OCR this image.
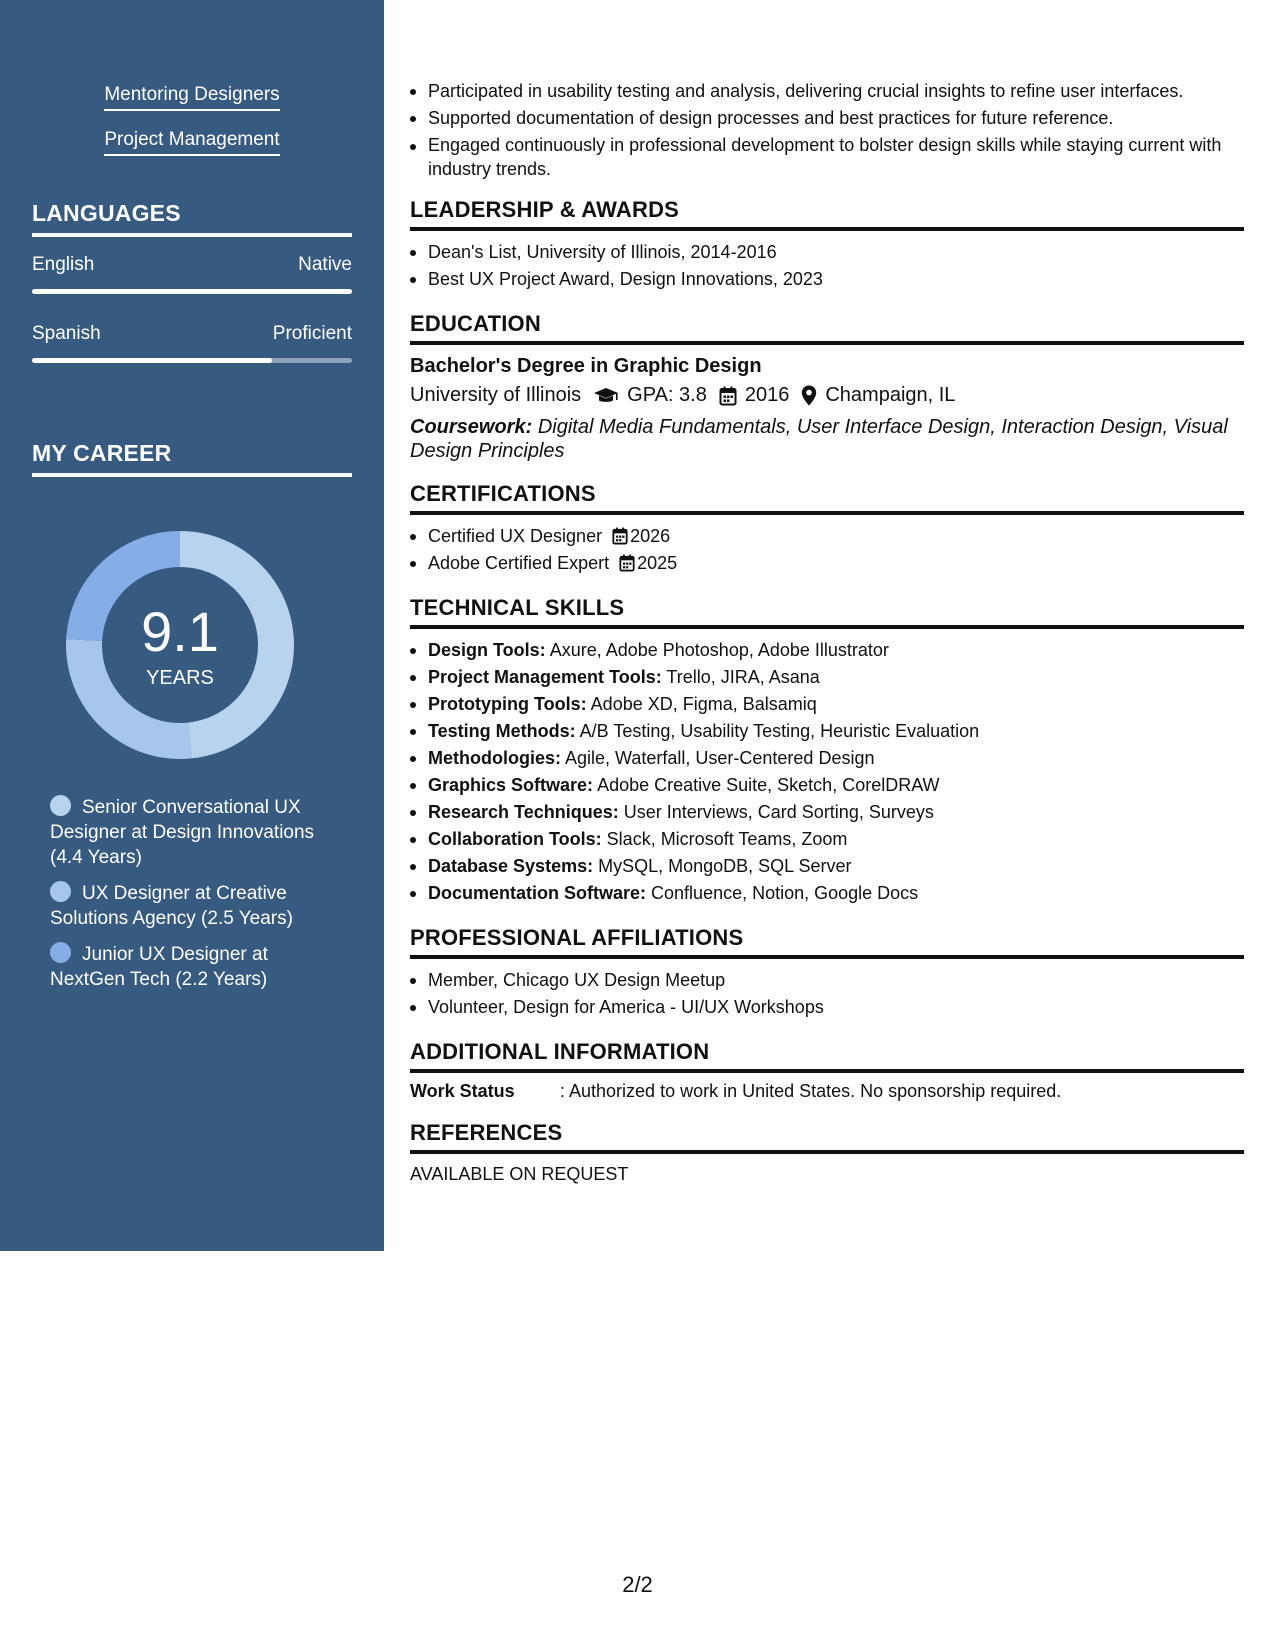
Mentoring Designers
Project Management
LANGUAGES
English	Native
Spanish	Proficient
MY CAREER
9.1
YEARS
Senior Conversational UX Designer at Design Innovations (4.4 Years)
UX Designer at Creative Solutions Agency (2.5 Years)
Junior UX Designer at NextGen Tech (2.2 Years)
Participated in usability testing and analysis, delivering crucial insights to refine user interfaces.
Supported documentation of design processes and best practices for future reference.
Engaged continuously in professional development to bolster design skills while staying current with industry trends.
LEADERSHIP & AWARDS
Dean's List, University of Illinois, 2014-2016
Best UX Project Award, Design Innovations, 2023
EDUCATION
Bachelor's Degree in Graphic Design
University of Illinois GPA: 3.8 2016 Champaign, IL
Coursework: Digital Media Fundamentals, User Interface Design, Interaction Design, Visual Design Principles
CERTIFICATIONS
Certified UX Designer 2026
Adobe Certified Expert 2025
TECHNICAL SKILLS
Design Tools: Axure, Adobe Photoshop, Adobe Illustrator
Project Management Tools: Trello, JIRA, Asana
Prototyping Tools: Adobe XD, Figma, Balsamiq
Testing Methods: A/B Testing, Usability Testing, Heuristic Evaluation
Methodologies: Agile, Waterfall, User-Centered Design
Graphics Software: Adobe Creative Suite, Sketch, CorelDRAW
Research Techniques: User Interviews, Card Sorting, Surveys
Collaboration Tools: Slack, Microsoft Teams, Zoom
Database Systems: MySQL, MongoDB, SQL Server
Documentation Software: Confluence, Notion, Google Docs
PROFESSIONAL AFFILIATIONS
Member, Chicago UX Design Meetup
Volunteer, Design for America - UI/UX Workshops
ADDITIONAL INFORMATION
Work Status	: Authorized to work in United States. No sponsorship required.
REFERENCES
AVAILABLE ON REQUEST
2/2
